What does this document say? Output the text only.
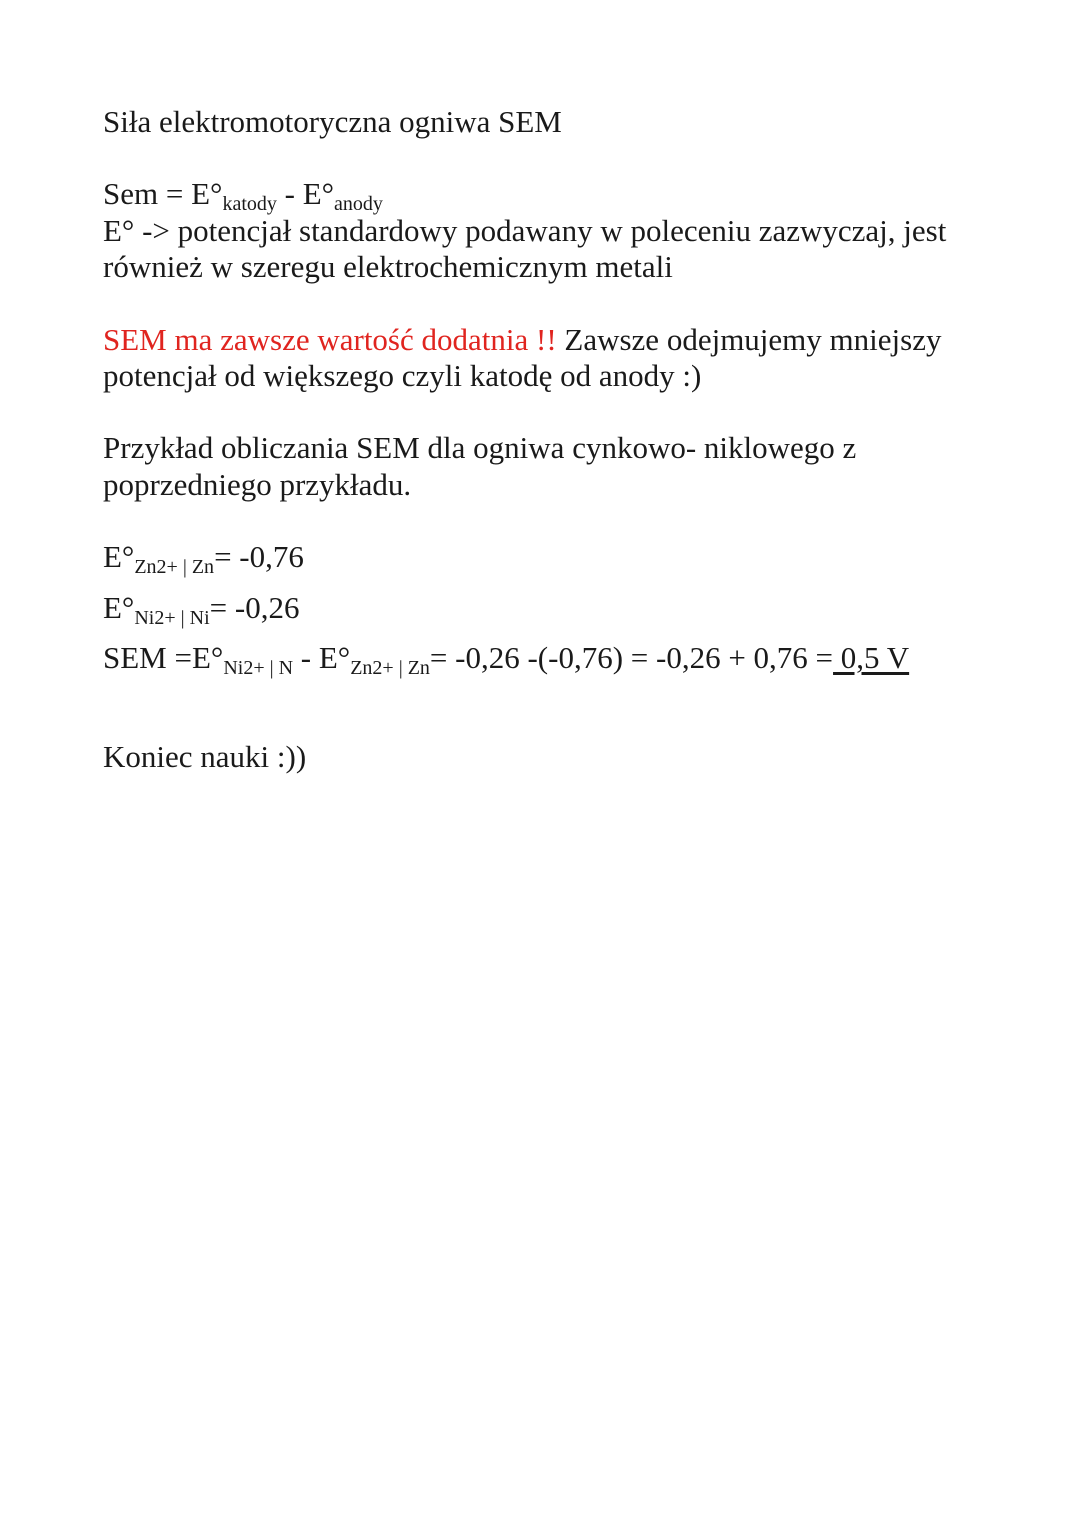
Siła elektromotoryczna ogniwa SEM
Sem = E°katody - E°anody
E° -> potencjał standardowy podawany w poleceniu zazwyczaj, jest
również w szeregu elektrochemicznym metali
SEM ma zawsze wartość dodatnia !! Zawsze odejmujemy mniejszy
potencjał od większego czyli katodę od anody :)
Przykład obliczania SEM dla ogniwa cynkowo- niklowego z
poprzedniego przykładu.
E°Zn2+ | Zn= -0,76
E°Ni2+ | Ni= -0,26
SEM =E°Ni2+ | N - E°Zn2+ | Zn= -0,26 -(-0,76) = -0,26 + 0,76 = 0,5 V
Koniec nauki :))
